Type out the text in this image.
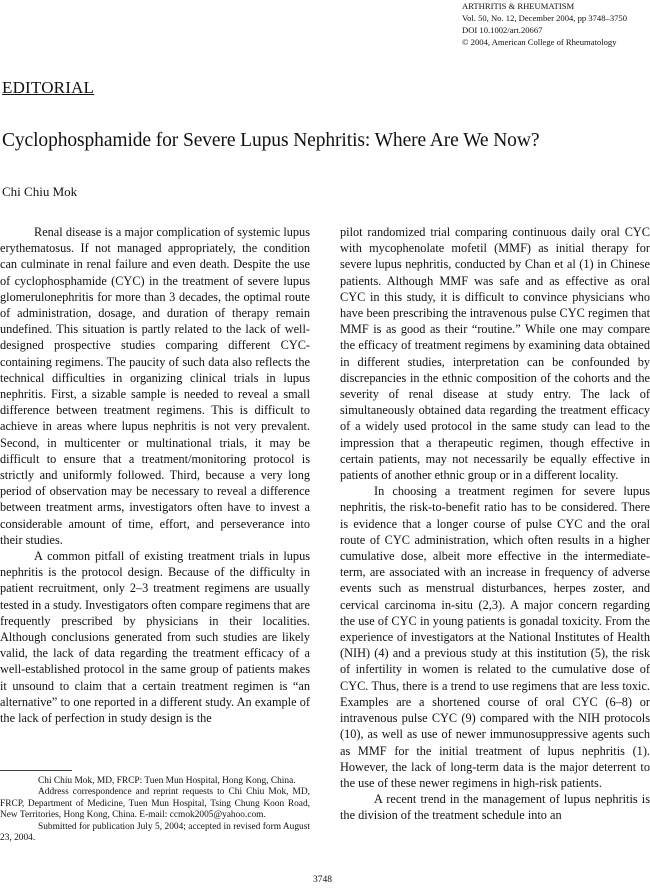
ARTHRITIS & RHEUMATISM
Vol. 50, No. 12, December 2004, pp 3748–3750
DOI 10.1002/art.20667
© 2004, American College of Rheumatology
EDITORIAL
Cyclophosphamide for Severe Lupus Nephritis: Where Are We Now?
Chi Chiu Mok

Renal disease is a major complication of systemic lupus erythematosus. If not managed appropriately, the condition can culminate in renal failure and even death. Despite the use of cyclophosphamide (CYC) in the treatment of severe lupus glomerulonephritis for more than 3 decades, the optimal route of administration, dosage, and duration of therapy remain undefined. This situation is partly related to the lack of well-designed prospective studies comparing different CYC-containing regimens. The paucity of such data also reflects the technical difficulties in organizing clinical trials in lupus nephritis. First, a sizable sample is needed to reveal a small difference between treatment regimens. This is difficult to achieve in areas where lupus nephritis is not very prevalent. Second, in multicenter or multinational trials, it may be difficult to ensure that a treatment/monitoring protocol is strictly and uniformly followed. Third, because a very long period of observation may be necessary to reveal a difference between treatment arms, investigators often have to invest a considerable amount of time, effort, and perseverance into their studies.

A common pitfall of existing treatment trials in lupus nephritis is the protocol design. Because of the difficulty in patient recruitment, only 2–3 treatment regimens are usually tested in a study. Investigators often compare regimens that are frequently prescribed by physicians in their localities. Although conclusions generated from such studies are likely valid, the lack of data regarding the treatment efficacy of a well-established protocol in the same group of patients makes it unsound to claim that a certain treatment regimen is “an alternative” to one reported in a different study. An example of the lack of perfection in study design is the

pilot randomized trial comparing continuous daily oral CYC with mycophenolate mofetil (MMF) as initial therapy for severe lupus nephritis, conducted by Chan et al (1) in Chinese patients. Although MMF was safe and as effective as oral CYC in this study, it is difficult to convince physicians who have been prescribing the intravenous pulse CYC regimen that MMF is as good as their “routine.” While one may compare the efficacy of treatment regimens by examining data obtained in different studies, interpretation can be confounded by discrepancies in the ethnic composition of the cohorts and the severity of renal disease at study entry. The lack of simultaneously obtained data regarding the treatment efficacy of a widely used protocol in the same study can lead to the impression that a therapeutic regimen, though effective in certain patients, may not necessarily be equally effective in patients of another ethnic group or in a different locality.

In choosing a treatment regimen for severe lupus nephritis, the risk-to-benefit ratio has to be considered. There is evidence that a longer course of pulse CYC and the oral route of CYC administration, which often results in a higher cumulative dose, albeit more effective in the intermediate-term, are associated with an increase in frequency of adverse events such as menstrual disturbances, herpes zoster, and cervical carcinoma in-situ (2,3). A major concern regarding the use of CYC in young patients is gonadal toxicity. From the experience of investigators at the National Institutes of Health (NIH) (4) and a previous study at this institution (5), the risk of infertility in women is related to the cumulative dose of CYC. Thus, there is a trend to use regimens that are less toxic. Examples are a shortened course of oral CYC (6–8) or intravenous pulse CYC (9) compared with the NIH protocols (10), as well as use of newer immunosuppressive agents such as MMF for the initial treatment of lupus nephritis (1). However, the lack of long-term data is the major deterrent to the use of these newer regimens in high-risk patients.

A recent trend in the management of lupus nephritis is the division of the treatment schedule into an

Chi Chiu Mok, MD, FRCP: Tuen Mun Hospital, Hong Kong, China.

Address correspondence and reprint requests to Chi Chiu Mok, MD, FRCP, Department of Medicine, Tuen Mun Hospital, Tsing Chung Koon Road, New Territories, Hong Kong, China. E-mail: ccmok2005@yahoo.com.

Submitted for publication July 5, 2004; accepted in revised form August 23, 2004.

3748
